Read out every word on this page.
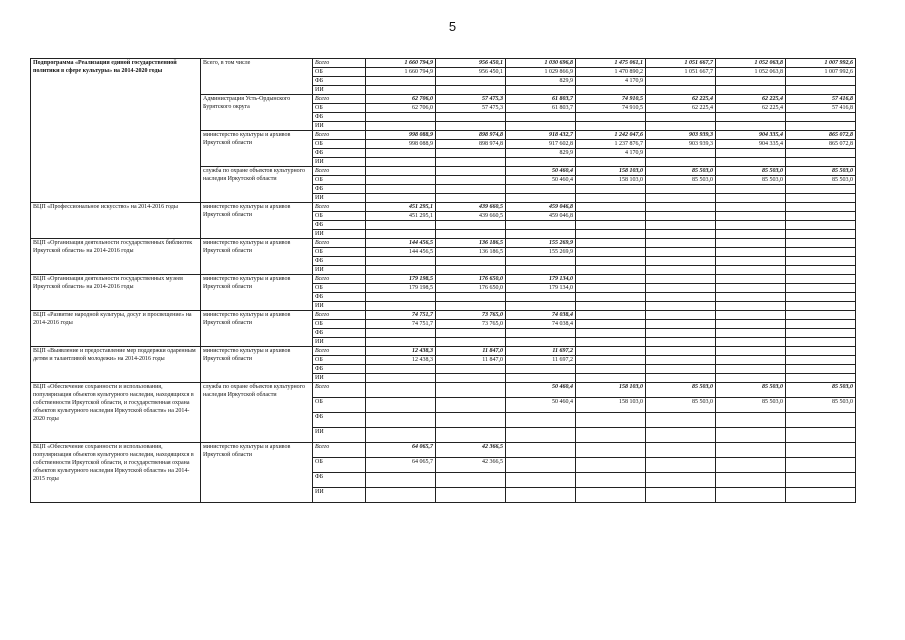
5
Подпрограмма «Реализация единой государственной политики в сфере культуры» на 2014-2020 годы	Всего, в том числе	Всего	1 660 794,9	956 450,1	1 030 696,8	1 475 061,1	1 051 667,7	1 052 063,8	1 007 992,6
		ОБ	1 660 794,9	956 450,1	1 029 866,9	1 470 890,2	1 051 667,7	1 052 063,8	1 007 992,6
		ФБ			829,9	4 170,9			
		ИИ							
	Администрация Усть-Ордынского Бурятского округа	Всего	62 706,0	57 475,3	61 803,7	74 910,5	62 225,4	62 225,4	57 416,8
		ОБ	62 706,0	57 475,3	61 803,7	74 910,5	62 225,4	62 225,4	57 416,8
		ФБ							
		ИИ							
	министерство культуры и архивов Иркутской области	Всего	998 088,9	898 974,8	918 432,7	1 242 047,6	903 939,3	904 335,4	865 072,8
		ОБ	998 088,9	898 974,8	917 602,8	1 237 876,7	903 939,3	904 335,4	865 072,8
		ФБ			829,9	4 170,9			
		ИИ							
	служба по охране объектов культурного наследия Иркутской области	Всего			50 460,4	158 103,0	85 503,0	85 503,0	85 503,0
		ОБ			50 460,4	158 103,0	85 503,0	85 503,0	85 503,0
		ФБ							
		ИИ							
ВЦП «Профессиональное искусство» на 2014-2016 годы	министерство культуры и архивов Иркутской области	Всего	451 295,1	439 660,5	459 046,8				
		ОБ	451 295,1	439 660,5	459 046,8				
		ФБ							
		ИИ							
ВЦП «Организация деятельности государственных библиотек Иркутской области» на 2014-2016 годы	министерство культуры и архивов Иркутской области	Всего	144 456,5	136 186,5	155 269,9				
		ОБ	144 456,5	136 186,5	155 269,9				
		ФБ							
		ИИ							
ВЦП «Организация деятельности государственных музеев Иркутской области» на 2014-2016 годы	министерство культуры и архивов Иркутской области	Всего	179 198,5	176 650,0	179 134,0				
		ОБ	179 198,5	176 650,0	179 134,0				
		ФБ							
		ИИ							
ВЦП «Развитие народной культуры, досуг и просвещение» на 2014-2016 годы	министерство культуры и архивов Иркутской области	Всего	74 751,7	73 765,0	74 038,4				
		ОБ	74 751,7	73 765,0	74 038,4				
		ФБ							
		ИИ							
ВЦП «Выявление и предоставление мер поддержки одаренным детям и талантливой молодежи» на 2014-2016 годы	министерство культуры и архивов Иркутской области	Всего	12 438,3	11 847,0	11 697,2				
		ОБ	12 438,3	11 847,0	11 697,2				
		ФБ							
		ИИ							
ВЦП «Обеспечение сохранности и использования, популяризация объектов культурного наследия, находящихся в собственности Иркутской области, и государственная охрана объектов культурного наследия Иркутской области» на 2014-2020 годы	служба по охране объектов культурного наследия Иркутской области	Всего			50 460,4	158 103,0	85 503,0	85 503,0	85 503,0
		ОБ			50 460,4	158 103,0	85 503,0	85 503,0	85 503,0
		ФБ							
		ИИ							
ВЦП «Обеспечение сохранности и использования, популяризация объектов культурного наследия, находящихся в собственности Иркутской области, и государственная охрана объектов культурного наследия Иркутской области» на 2014-2015 годы	министерство культуры и архивов Иркутской области	Всего	64 065,7	42 366,5					
		ОБ	64 065,7	42 366,5					
		ФБ							
		ИИ							
